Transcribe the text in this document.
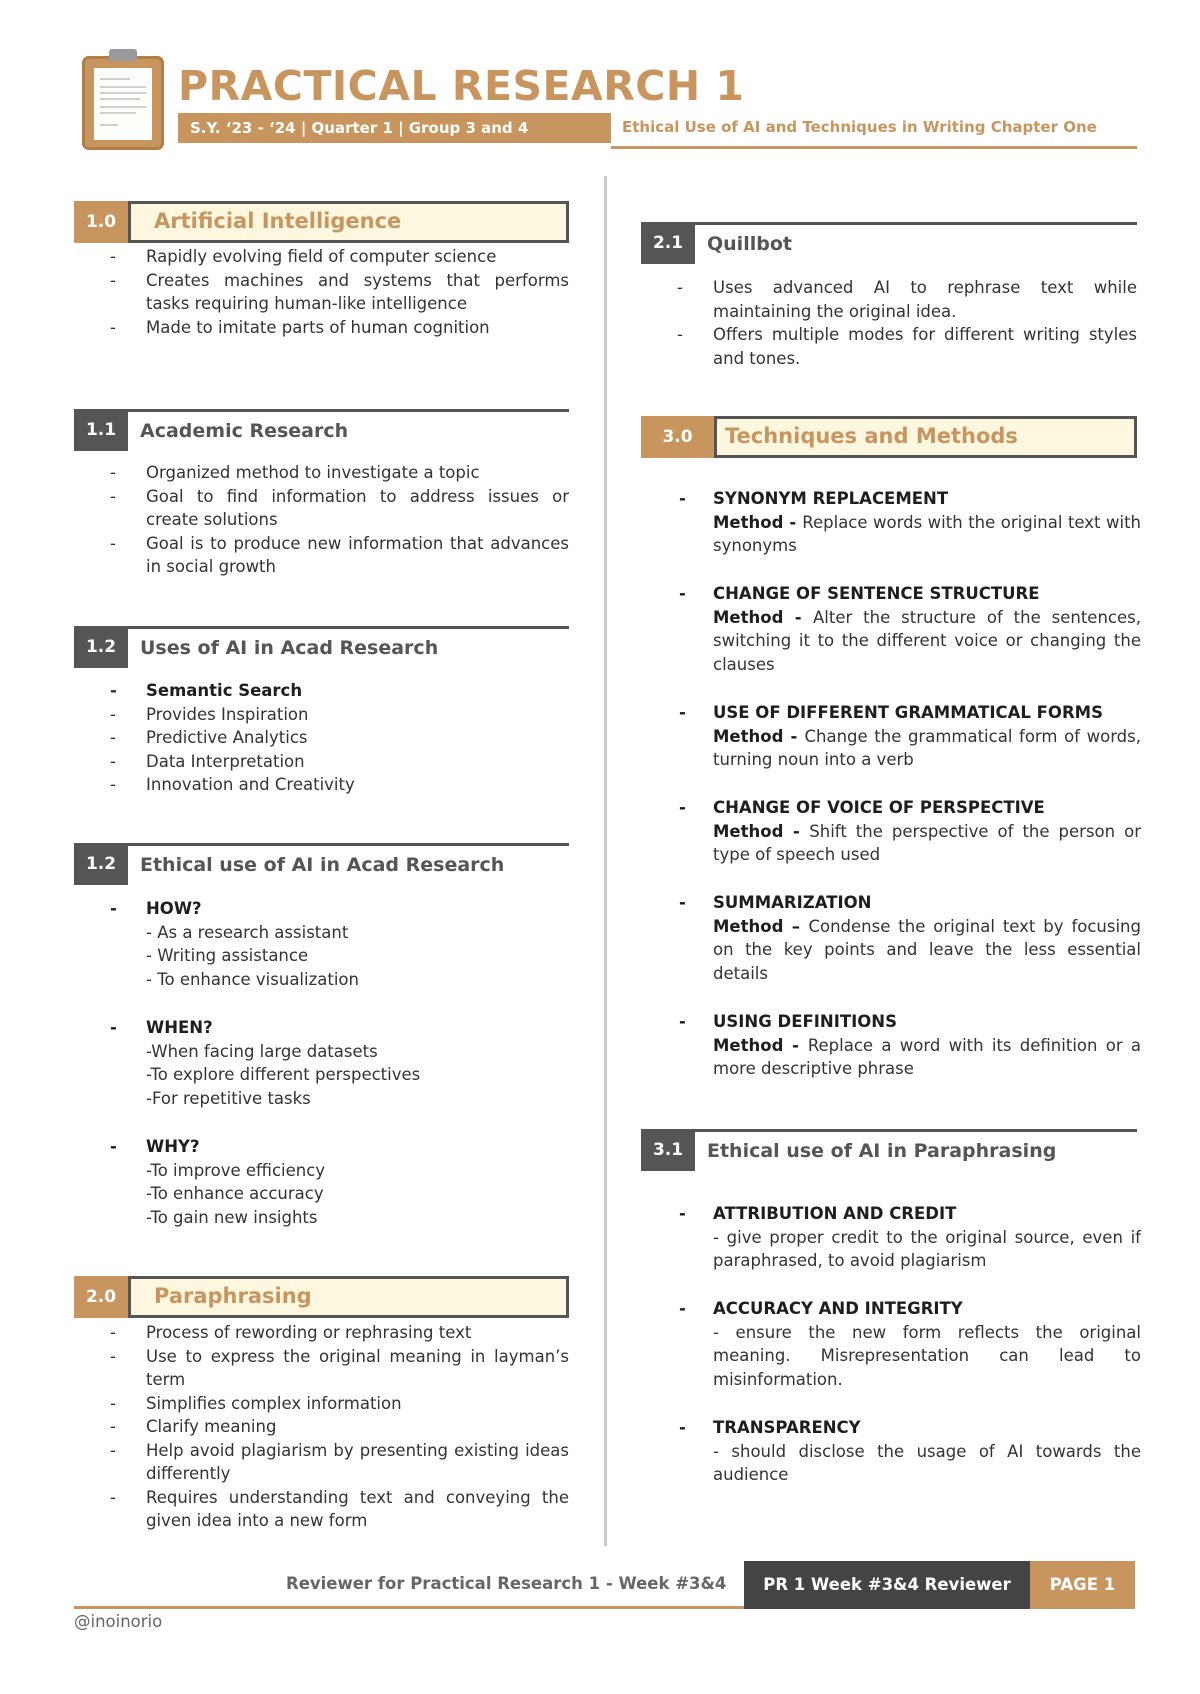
PRACTICAL RESEARCH 1
S.Y. ‘23 - ‘24 | Quarter 1 | Group 3 and 4	Ethical Use of AI and Techniques in Writing Chapter One
1.0	Artificial Intelligence
- Rapidly evolving field of computer science
- Creates machines and systems that performs tasks requiring human-like intelligence
- Made to imitate parts of human cognition
1.1	Academic Research
- Organized method to investigate a topic
- Goal to find information to address issues or create solutions
- Goal is to produce new information that advances in social growth
1.2	Uses of AI in Acad Research
- Semantic Search
- Provides Inspiration
- Predictive Analytics
- Data Interpretation
- Innovation and Creativity
1.2	Ethical use of AI in Acad Research
- HOW?
- As a research assistant
- Writing assistance
- To enhance visualization
- WHEN?
-When facing large datasets
-To explore different perspectives
-For repetitive tasks
- WHY?
-To improve efficiency
-To enhance accuracy
-To gain new insights
2.0	Paraphrasing
- Process of rewording or rephrasing text
- Use to express the original meaning in layman’s term
- Simplifies complex information
- Clarify meaning
- Help avoid plagiarism by presenting existing ideas differently
- Requires understanding text and conveying the given idea into a new form
2.1	Quillbot
- Uses advanced AI to rephrase text while maintaining the original idea.
- Offers multiple modes for different writing styles and tones.
3.0	Techniques and Methods
- SYNONYM REPLACEMENT
Method - Replace words with the original text with synonyms
- CHANGE OF SENTENCE STRUCTURE
Method - Alter the structure of the sentences, switching it to the different voice or changing the clauses
- USE OF DIFFERENT GRAMMATICAL FORMS
Method - Change the grammatical form of words, turning noun into a verb
- CHANGE OF VOICE OF PERSPECTIVE
Method - Shift the perspective of the person or type of speech used
- SUMMARIZATION
Method – Condense the original text by focusing on the key points and leave the less essential details
- USING DEFINITIONS
Method - Replace a word with its definition or a more descriptive phrase
3.1	Ethical use of AI in Paraphrasing
- ATTRIBUTION AND CREDIT
- give proper credit to the original source, even if paraphrased, to avoid plagiarism
- ACCURACY AND INTEGRITY
- ensure the new form reflects the original meaning. Misrepresentation can lead to misinformation.
- TRANSPARENCY
- should disclose the usage of AI towards the audience
Reviewer for Practical Research 1 - Week #3&4	PR 1 Week #3&4 Reviewer	PAGE 1
@inoinorio
